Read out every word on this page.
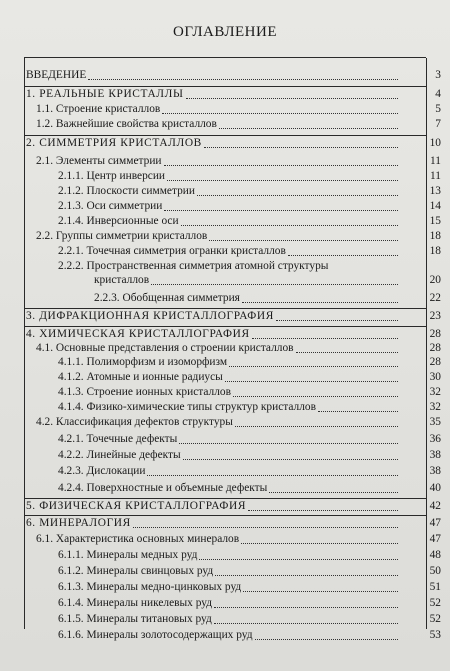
ОГЛАВЛЕНИЕ
ВВЕДЕНИЕ	3
1. РЕАЛЬНЫЕ КРИСТАЛЛЫ	4
1.1. Строение кристаллов	5
1.2. Важнейшие свойства кристаллов	7
2. СИММЕТРИЯ КРИСТАЛЛОВ	10
2.1. Элементы симметрии	11
2.1.1. Центр инверсии	11
2.1.2. Плоскости симметрии	13
2.1.3. Оси симметрии	14
2.1.4. Инверсионные оси	15
2.2. Группы симметрии кристаллов	18
2.2.1. Точечная симметрия огранки кристаллов	18
2.2.2. Пространственная симметрия атомной структуры
кристаллов	20
2.2.3. Обобщенная симметрия	22
3. ДИФРАКЦИОННАЯ КРИСТАЛЛОГРАФИЯ	23
4. ХИМИЧЕСКАЯ КРИСТАЛЛОГРАФИЯ	28
4.1. Основные представления о строении кристаллов	28
4.1.1. Полиморфизм и изоморфизм	28
4.1.2. Атомные и ионные радиусы	30
4.1.3. Строение ионных кристаллов	32
4.1.4. Физико-химические типы структур кристаллов	32
4.2. Классификация дефектов структуры	35
4.2.1. Точечные дефекты	36
4.2.2. Линейные дефекты	38
4.2.3. Дислокации	38
4.2.4. Поверхностные и объемные дефекты	40
5. ФИЗИЧЕСКАЯ КРИСТАЛЛОГРАФИЯ	42
6. МИНЕРАЛОГИЯ	47
6.1. Характеристика основных минералов	47
6.1.1. Минералы медных руд	48
6.1.2. Минералы свинцовых руд	50
6.1.3. Минералы медно-цинковых руд	51
6.1.4. Минералы никелевых руд	52
6.1.5. Минералы титановых руд	52
6.1.6. Минералы золотосодержащих руд	53
